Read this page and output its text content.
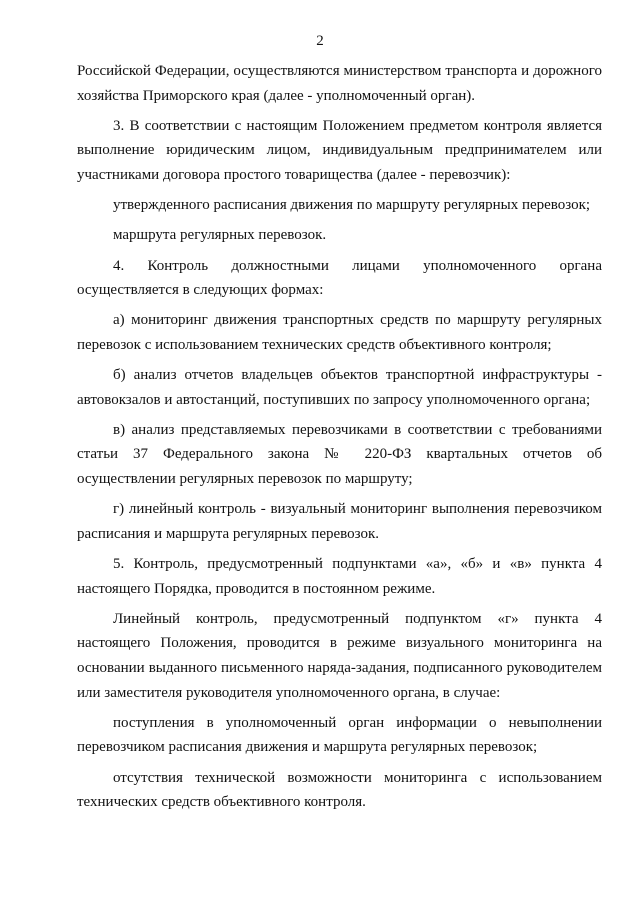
2

Российской Федерации, осуществляются министерством транспорта и дорожного хозяйства Приморского края (далее - уполномоченный орган).

3. В соответствии с настоящим Положением предметом контроля является выполнение юридическим лицом, индивидуальным предпринимателем или участниками договора простого товарищества (далее - перевозчик):

утвержденного расписания движения по маршруту регулярных перевозок;

маршрута регулярных перевозок.

4. Контроль должностными лицами уполномоченного органа осуществляется в следующих формах:

а) мониторинг движения транспортных средств по маршруту регулярных перевозок с использованием технических средств объективного контроля;

б) анализ отчетов владельцев объектов транспортной инфраструктуры - автовокзалов и автостанций, поступивших по запросу уполномоченного органа;

в) анализ представляемых перевозчиками в соответствии с требованиями статьи 37 Федерального закона № 220-ФЗ квартальных отчетов об осуществлении регулярных перевозок по маршруту;

г) линейный контроль - визуальный мониторинг выполнения перевозчиком расписания и маршрута регулярных перевозок.

5. Контроль, предусмотренный подпунктами «а», «б» и «в» пункта 4 настоящего Порядка, проводится в постоянном режиме.

Линейный контроль, предусмотренный подпунктом «г» пункта 4 настоящего Положения, проводится в режиме визуального мониторинга на основании выданного письменного наряда-задания, подписанного руководителем или заместителя руководителя уполномоченного органа, в случае:

поступления в уполномоченный орган информации о невыполнении перевозчиком расписания движения и маршрута регулярных перевозок;

отсутствия технической возможности мониторинга с использованием технических средств объективного контроля.
